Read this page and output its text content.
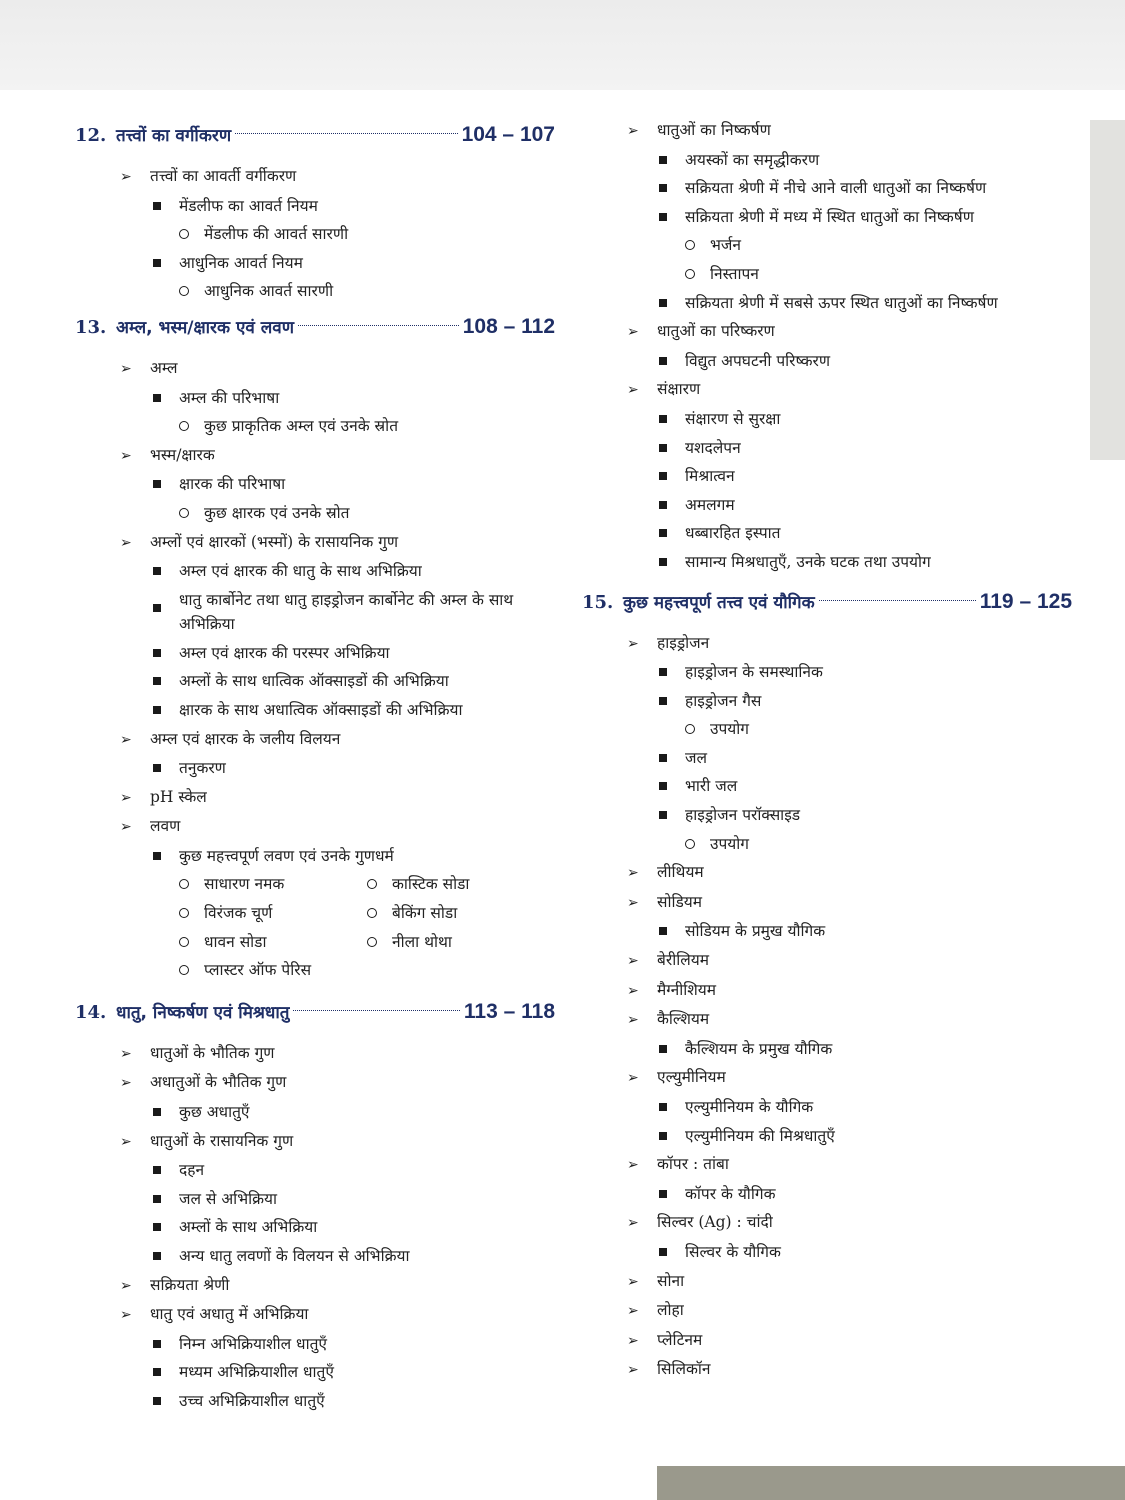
12. तत्त्वों का वर्गीकरण	104 – 107
➢ तत्त्वों का आवर्ती वर्गीकरण
मेंडलीफ का आवर्त नियम
मेंडलीफ की आवर्त सारणी
आधुनिक आवर्त नियम
आधुनिक आवर्त सारणी
13. अम्ल, भस्म/क्षारक एवं लवण	108 – 112
➢ अम्ल
अम्ल की परिभाषा
कुछ प्राकृतिक अम्ल एवं उनके स्रोत
➢ भस्म/क्षारक
क्षारक की परिभाषा
कुछ क्षारक एवं उनके स्रोत
➢ अम्लों एवं क्षारकों (भस्मों) के रासायनिक गुण
अम्ल एवं क्षारक की धातु के साथ अभिक्रिया
धातु कार्बोनेट तथा धातु हाइड्रोजन कार्बोनेट की अम्ल के साथ अभिक्रिया
अम्ल एवं क्षारक की परस्पर अभिक्रिया
अम्लों के साथ धात्विक ऑक्साइडों की अभिक्रिया
क्षारक के साथ अधात्विक ऑक्साइडों की अभिक्रिया
➢ अम्ल एवं क्षारक के जलीय विलयन
तनुकरण
➢ pH स्केल
➢ लवण
कुछ महत्त्वपूर्ण लवण एवं उनके गुणधर्म
साधारण नमक	कास्टिक सोडा
विरंजक चूर्ण	बेकिंग सोडा
धावन सोडा	नीला थोथा
प्लास्टर ऑफ पेरिस
14. धातु, निष्कर्षण एवं मिश्रधातु	113 – 118
➢ धातुओं के भौतिक गुण
➢ अधातुओं के भौतिक गुण
कुछ अधातुएँ
➢ धातुओं के रासायनिक गुण
दहन
जल से अभिक्रिया
अम्लों के साथ अभिक्रिया
अन्य धातु लवणों के विलयन से अभिक्रिया
➢ सक्रियता श्रेणी
➢ धातु एवं अधातु में अभिक्रिया
निम्न अभिक्रियाशील धातुएँ
मध्यम अभिक्रियाशील धातुएँ
उच्च अभिक्रियाशील धातुएँ
➢ धातुओं का निष्कर्षण
अयस्कों का समृद्धीकरण
सक्रियता श्रेणी में नीचे आने वाली धातुओं का निष्कर्षण
सक्रियता श्रेणी में मध्य में स्थित धातुओं का निष्कर्षण
भर्जन
निस्तापन
सक्रियता श्रेणी में सबसे ऊपर स्थित धातुओं का निष्कर्षण
➢ धातुओं का परिष्करण
विद्युत अपघटनी परिष्करण
➢ संक्षारण
संक्षारण से सुरक्षा
यशदलेपन
मिश्रात्वन
अमलगम
धब्बारहित इस्पात
सामान्य मिश्रधातुएँ, उनके घटक तथा उपयोग
15. कुछ महत्त्वपूर्ण तत्त्व एवं यौगिक	119 – 125
➢ हाइड्रोजन
हाइड्रोजन के समस्थानिक
हाइड्रोजन गैस
उपयोग
जल
भारी जल
हाइड्रोजन परॉक्साइड
उपयोग
➢ लीथियम
➢ सोडियम
सोडियम के प्रमुख यौगिक
➢ बेरीलियम
➢ मैग्नीशियम
➢ कैल्शियम
कैल्शियम के प्रमुख यौगिक
➢ एल्युमीनियम
एल्युमीनियम के यौगिक
एल्युमीनियम की मिश्रधातुएँ
➢ कॉपर : तांबा
कॉपर के यौगिक
➢ सिल्वर (Ag) : चांदी
सिल्वर के यौगिक
➢ सोना
➢ लोहा
➢ प्लेटिनम
➢ सिलिकॉन
